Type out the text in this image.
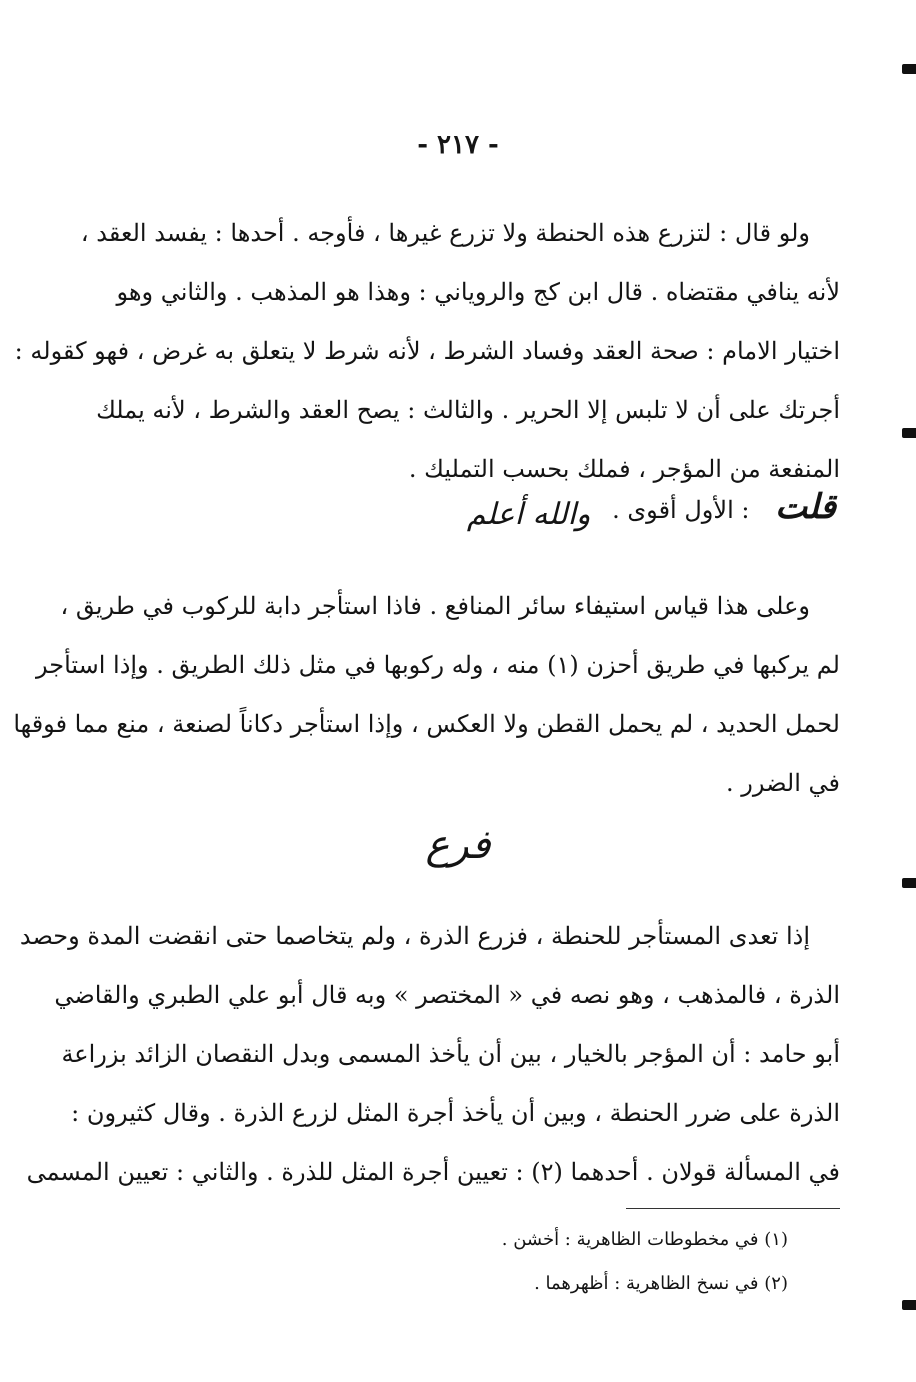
- ٢١٧ -
ولو قال : لتزرع هذه الحنطة ولا تزرع غيرها ، فأوجه . أحدها : يفسد العقد ،
لأنه ينافي مقتضاه . قال ابن كج والروياني : وهذا هو المذهب . والثاني وهو
اختيار الامام : صحة العقد وفساد الشرط ، لأنه شرط لا يتعلق به غرض ، فهو كقوله :
أجرتك على أن لا تلبس إلا الحرير . والثالث : يصح العقد والشرط ، لأنه يملك
المنفعة من المؤجر ، فملك بحسب التمليك .
قلت : الأول أقوى . والله أعلم
وعلى هذا قياس استيفاء سائر المنافع . فاذا استأجر دابة للركوب في طريق ،
لم يركبها في طريق أحزن (١) منه ، وله ركوبها في مثل ذلك الطريق . وإذا استأجر
لحمل الحديد ، لم يحمل القطن ولا العكس ، وإذا استأجر دكاناً لصنعة ، منع مما فوقها
في الضرر .
فرع
إذا تعدى المستأجر للحنطة ، فزرع الذرة ، ولم يتخاصما حتى انقضت المدة وحصد
الذرة ، فالمذهب ، وهو نصه في « المختصر » وبه قال أبو علي الطبري والقاضي
أبو حامد : أن المؤجر بالخيار ، بين أن يأخذ المسمى وبدل النقصان الزائد بزراعة
الذرة على ضرر الحنطة ، وبين أن يأخذ أجرة المثل لزرع الذرة . وقال كثيرون :
في المسألة قولان . أحدهما (٢) : تعيين أجرة المثل للذرة . والثاني : تعيين المسمى
(١) في مخطوطات الظاهرية : أخشن .
(٢) في نسخ الظاهرية : أظهرهما .
